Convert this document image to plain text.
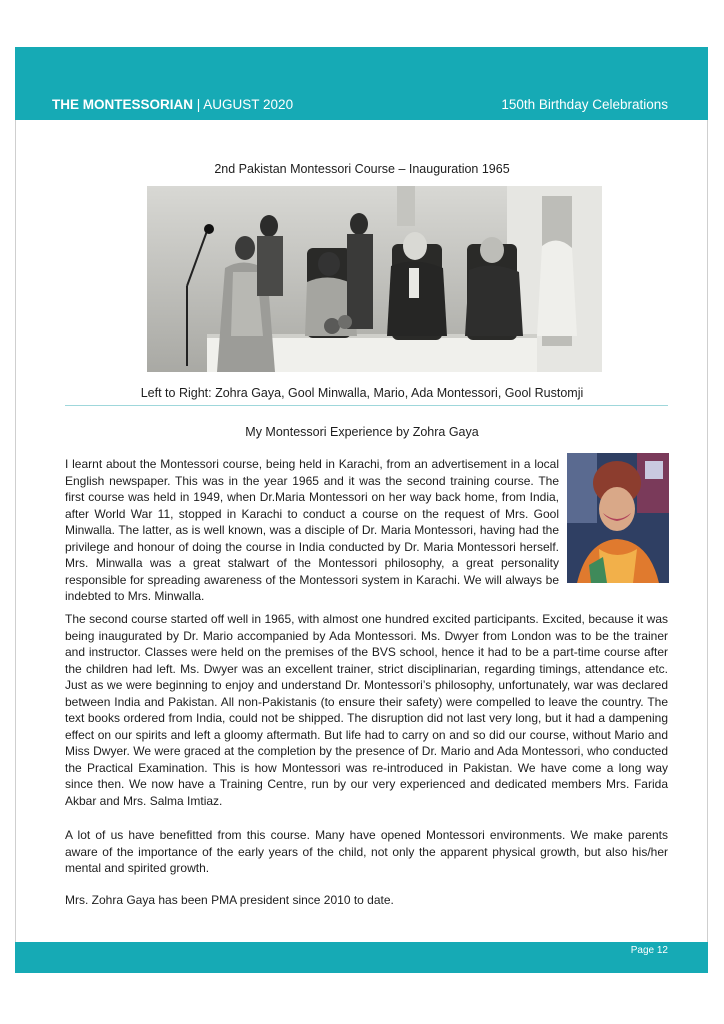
THE MONTESSORIAN | AUGUST 2020	150th Birthday Celebrations
2nd Pakistan Montessori Course – Inauguration 1965
Left to Right: Zohra Gaya, Gool Minwalla, Mario, Ada Montessori, Gool Rustomji
My Montessori Experience by Zohra Gaya

I learnt about the Montessori course, being held in Karachi, from an advertisement in a local English newspaper. This was in the year 1965 and it was the second training course. The first course was held in 1949, when Dr.Maria Montessori on her way back home, from India, after World War 11, stopped in Karachi to conduct a course on the request of Mrs. Gool Minwalla. The latter, as is well known, was a disciple of Dr. Maria Montessori, having had the privilege and honour of doing the course in India conducted by Dr. Maria Montessori herself. Mrs. Minwalla was a great stalwart of the Montessori philosophy, a great personality responsible for spreading awareness of the Montessori system in Karachi. We will always be indebted to Mrs. Minwalla.

The second course started off well in 1965, with almost one hundred excited participants. Excited, because it was being inaugurated by Dr. Mario accompanied by Ada Montessori. Ms. Dwyer from London was to be the trainer and instructor. Classes were held on the premises of the BVS school, hence it had to be a part-time course after the children had left. Ms. Dwyer was an excellent trainer, strict disciplinarian, regarding timings, attendance etc. Just as we were beginning to enjoy and understand Dr. Montessori’s philosophy, unfortunately, war was declared between India and Pakistan. All non-Pakistanis (to ensure their safety) were compelled to leave the country. The text books ordered from India, could not be shipped. The disruption did not last very long, but it had a dampening effect on our spirits and left a gloomy aftermath. But life had to carry on and so did our course, without Mario and Miss Dwyer. We were graced at the completion by the presence of Dr. Mario and Ada Montessori, who conducted the Practical Examination. This is how Montessori was re-introduced in Pakistan. We have come a long way since then. We now have a Training Centre, run by our very experienced and dedicated members Mrs. Farida Akbar and Mrs. Salma Imtiaz.

A lot of us have benefitted from this course. Many have opened Montessori environments. We make parents aware of the importance of the early years of the child, not only the apparent physical growth, but also his/her mental and spirited growth.

Mrs. Zohra Gaya has been PMA president since 2010 to date.

Page 12
